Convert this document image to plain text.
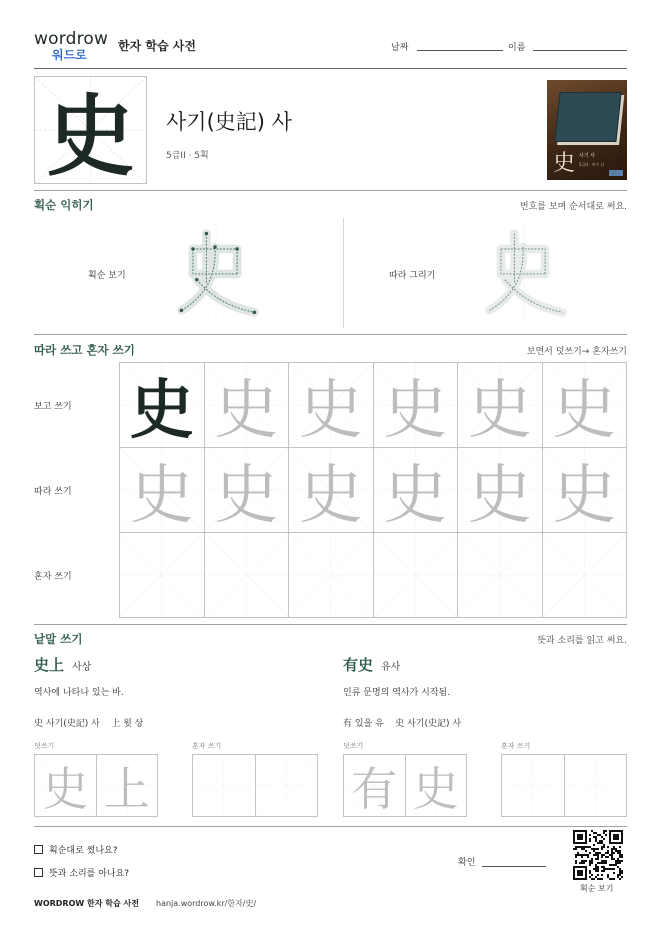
wordrow
워드로
한자 학습 사전	날짜	이름
史	사기(史記) 사
5급II · 5획	史 사기 사
5급II · 부수 口
획순 익히기	번호를 보며 순서대로 써요.
획순 보기	따라 그리기
따라 쓰고 혼자 쓰기	보면서 덧쓰기→ 혼자쓰기
보고 쓰기
따라 쓰기
혼자 쓰기
史 史 史 史 史 史
史 史 史 史 史 史
낱말 쓰기	뜻과 소리를 읽고 써요.
史上 사상
역사에 나타나 있는 바.
史 사기(史記) 사    上 윗 상
덧쓰기	혼자 쓰기
史 上
有史 유사
인류 문명의 역사가 시작됨.
有 있을 유    史 사기(史記) 사
덧쓰기	혼자 쓰기
有 史
획순대로 썼나요?
뜻과 소리를 아나요?
확인
획순 보기
WORDROW 한자 학습 사전 hanja.wordrow.kr/한자/史/
